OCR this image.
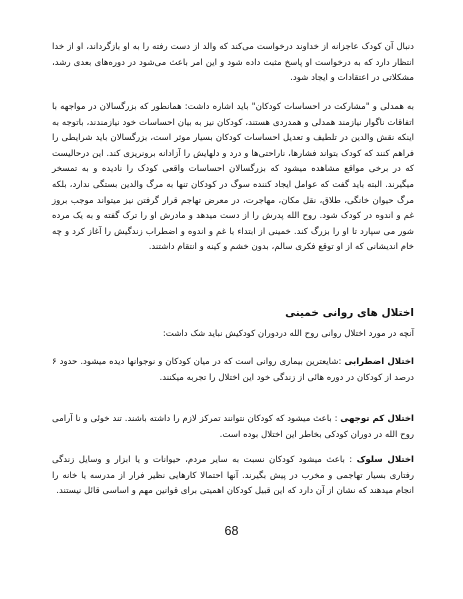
دنبال آن کودک عاجزانه از خداوند درخواست می‌کند که والد از دست رفته را به او بازگرداند، او از خدا انتظار دارد که به درخواست او پاسخ مثبت داده شود و این امر باعث می‌شود در دوره‌های بعدی رشد، مشکلاتی در اعتقادات و ایجاد شود.

به همدلی و "مشارکت در احساسات کودکان" باید اشاره داشت: همانطور که بزرگسالان در مواجهه با اتفاقات ناگوار نیازمند همدلی و همدردی هستند، کودکان نیز به بیان احساسات خود نیازمندند، باتوجه به اینکه نقش والدین در تلطیف و تعدیل احساسات کودکان بسیار موثر است، بزرگسالان باید شرایطی را فراهم کنند که کودک بتواند فشارها، ناراحتی‌ها و درد و دلهایش را آزادانه برونریزی کند. این درحالیست که در برخی مواقع مشاهده میشود که بزرگسالان احساسات واقعی کودک را نادیده و به تمسخر میگیرند. البته باید گفت که عوامل ایجاد کننده سوگ در کودکان تنها به مرگ والدین بستگی ندارد، بلکه مرگ حیوان خانگی، طلاق، نقل مکان، مهاجرت، در معرض تهاجم قرار گرفتن نیز میتواند موجب بروز غم و اندوه در کودک شود. روح الله پدرش را از دست میدهد و مادرش او را ترک گفته و به یک مرده شور می سپارد تا او را بزرگ کند. خمینی از ابتداء با غم و اندوه و اضطراب زندگیش را آغاز کرد و چه خام اندیشانی که از او توقع فکری سالم، بدون خشم و کینه و انتقام داشتند.

اختلال های روانی خمینی

آنچه در مورد اختلال روانی روح الله دردوران کودکیش نباید شک داشت:

اختلال اضطرابی :شایعترین بیماری روانی است که در میان کودکان و نوجوانها دیده میشود. حدود ۶ درصد از کودکان در دوره هائی از زندگی خود این اختلال را تجربه میکنند.

اختلال کم توجهی : باعث میشود که کودکان نتوانند تمرکز لازم را داشته باشند. تند خوئی و نا آرامی روح الله در دوران کودکی بخاطر این اختلال بوده است.

اختلال سلوک : باعث میشود کودکان نسبت به سایر مردم، حیوانات و یا ابزار و وسایل زندگی رفتاری بسیار تهاجمی و مخرب در پیش بگیرند. آنها احتمالا کارهایی نظیر فرار از مدرسه یا خانه را انجام میدهند که نشان از آن دارد که این قبیل کودکان اهمیتی برای قوانین مهم و اساسی قائل نیستند.

68
